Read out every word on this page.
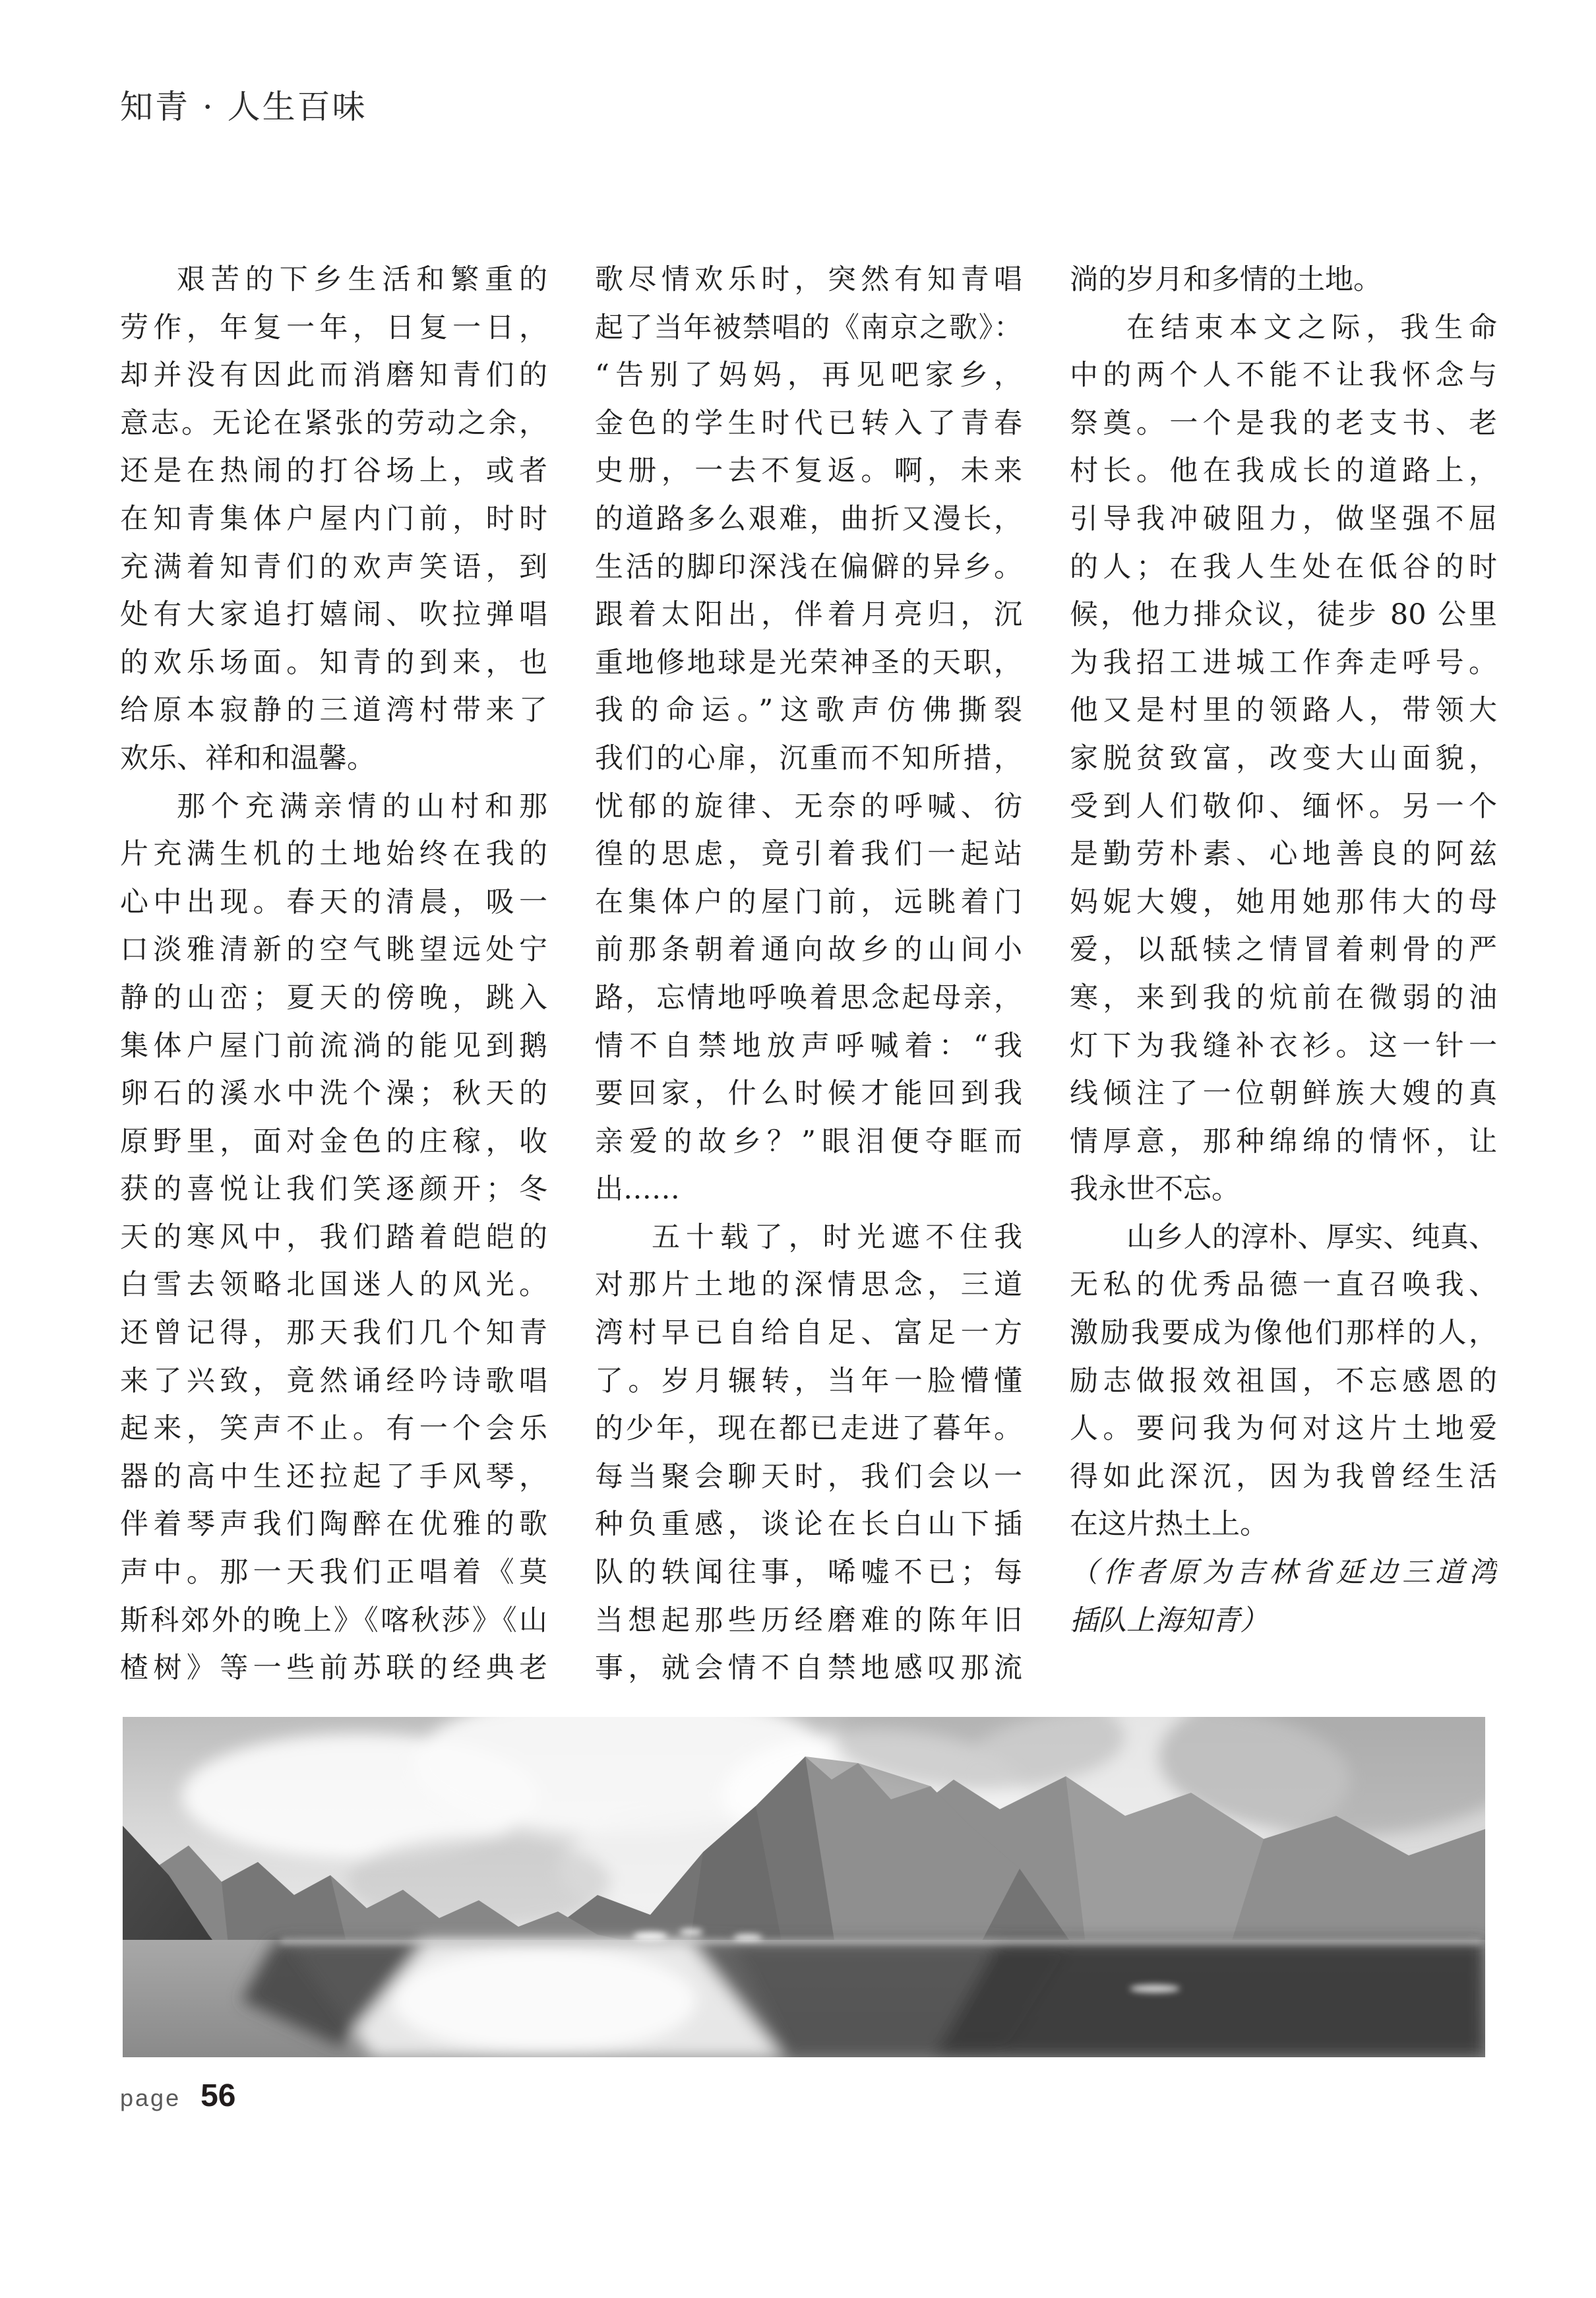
知青 · 人生百味
艰苦的下乡生活和繁重的
劳作，年复一年，日复一日，
却并没有因此而消磨知青们的
意志。无论在紧张的劳动之余，
还是在热闹的打谷场上，或者
在知青集体户屋内门前，时时
充满着知青们的欢声笑语，到
处有大家追打嬉闹、吹拉弹唱
的欢乐场面。知青的到来，也
给原本寂静的三道湾村带来了
欢乐、祥和和温馨。
那个充满亲情的山村和那
片充满生机的土地始终在我的
心中出现。春天的清晨，吸一
口淡雅清新的空气眺望远处宁
静的山峦；夏天的傍晚，跳入
集体户屋门前流淌的能见到鹅
卵石的溪水中洗个澡；秋天的
原野里，面对金色的庄稼，收
获的喜悦让我们笑逐颜开；冬
天的寒风中，我们踏着皑皑的
白雪去领略北国迷人的风光。
还曾记得，那天我们几个知青
来了兴致，竟然诵经吟诗歌唱
起来，笑声不止。有一个会乐
器的高中生还拉起了手风琴，
伴着琴声我们陶醉在优雅的歌
声中。那一天我们正唱着《莫
斯科郊外的晚上》《喀秋莎》《山
楂树》等一些前苏联的经典老
歌尽情欢乐时，突然有知青唱
起了当年被禁唱的《南京之歌》：
“告别了妈妈，再见吧家乡，
金色的学生时代已转入了青春
史册，一去不复返。啊，未来
的道路多么艰难，曲折又漫长，
生活的脚印深浅在偏僻的异乡。
跟着太阳出，伴着月亮归，沉
重地修地球是光荣神圣的天职，
我的命运。”这歌声仿佛撕裂
我们的心扉，沉重而不知所措，
忧郁的旋律、无奈的呼喊、彷
徨的思虑，竟引着我们一起站
在集体户的屋门前，远眺着门
前那条朝着通向故乡的山间小
路，忘情地呼唤着思念起母亲，
情不自禁地放声呼喊着：“我
要回家，什么时候才能回到我
亲爱的故乡？”眼泪便夺眶而
出……
五十载了，时光遮不住我
对那片土地的深情思念，三道
湾村早已自给自足、富足一方
了。岁月辗转，当年一脸懵懂
的少年，现在都已走进了暮年。
每当聚会聊天时，我们会以一
种负重感，谈论在长白山下插
队的轶闻往事，唏嘘不已；每
当想起那些历经磨难的陈年旧
事，就会情不自禁地感叹那流
淌的岁月和多情的土地。
在结束本文之际，我生命
中的两个人不能不让我怀念与
祭奠。一个是我的老支书、老
村长。他在我成长的道路上，
引导我冲破阻力，做坚强不屈
的人；在我人生处在低谷的时
候，他力排众议，徒步 80 公里
为我招工进城工作奔走呼号。
他又是村里的领路人，带领大
家脱贫致富，改变大山面貌，
受到人们敬仰、缅怀。另一个
是勤劳朴素、心地善良的阿兹
妈妮大嫂，她用她那伟大的母
爱，以舐犊之情冒着刺骨的严
寒，来到我的炕前在微弱的油
灯下为我缝补衣衫。这一针一
线倾注了一位朝鲜族大嫂的真
情厚意，那种绵绵的情怀，让
我永世不忘。
山乡人的淳朴、厚实、纯真、
无私的优秀品德一直召唤我、
激励我要成为像他们那样的人，
励志做报效祖国，不忘感恩的
人。要问我为何对这片土地爱
得如此深沉，因为我曾经生活
在这片热土上。
（作者原为吉林省延边三道湾
插队上海知青）
page 56
